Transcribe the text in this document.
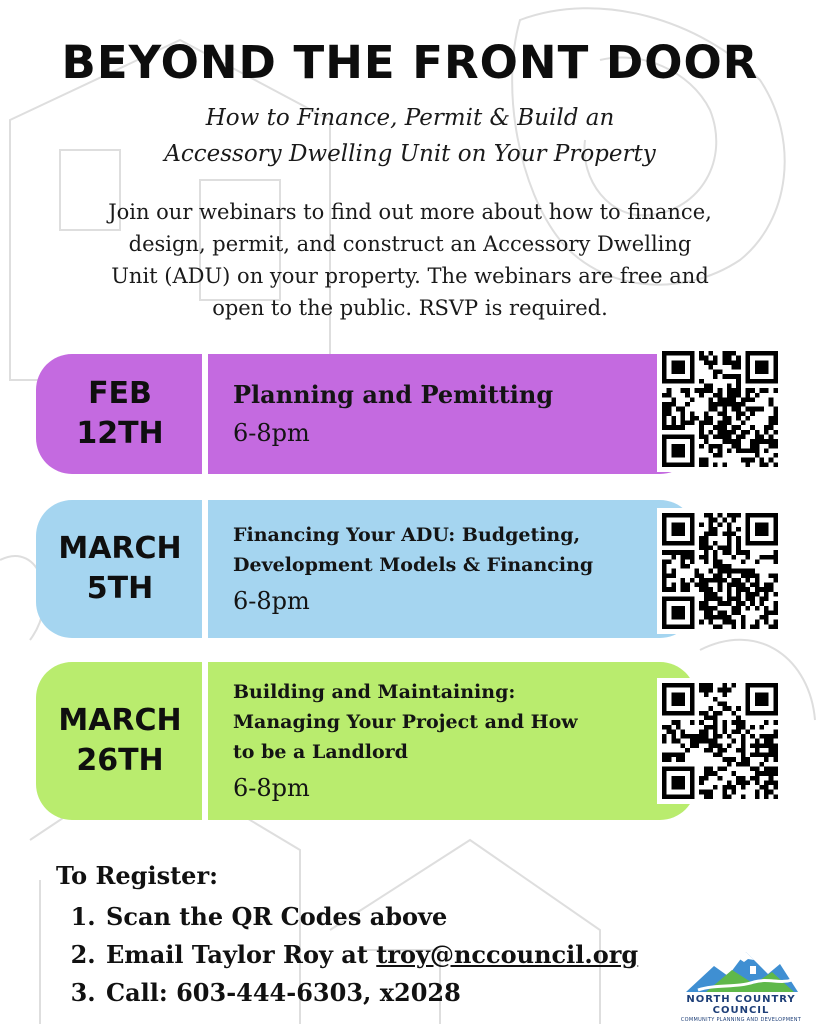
BEYOND THE FRONT DOOR
How to Finance, Permit & Build an
Accessory Dwelling Unit on Your Property
Join our webinars to find out more about how to finance,
design, permit, and construct an Accessory Dwelling
Unit (ADU) on your property. The webinars are free and
open to the public. RSVP is required.
FEB
12TH
Planning and Pemitting
6-8pm
MARCH
5TH
Financing Your ADU: Budgeting,
Development Models & Financing
6-8pm
MARCH
26TH
Building and Maintaining:
Managing Your Project and How
to be a Landlord
6-8pm
To Register:
1. Scan the QR Codes above
2. Email Taylor Roy at troy@nccouncil.org
3. Call: 603-444-6303, x2028	NORTH COUNTRY
COUNCIL
COMMUNITY PLANNING AND DEVELOPMENT
